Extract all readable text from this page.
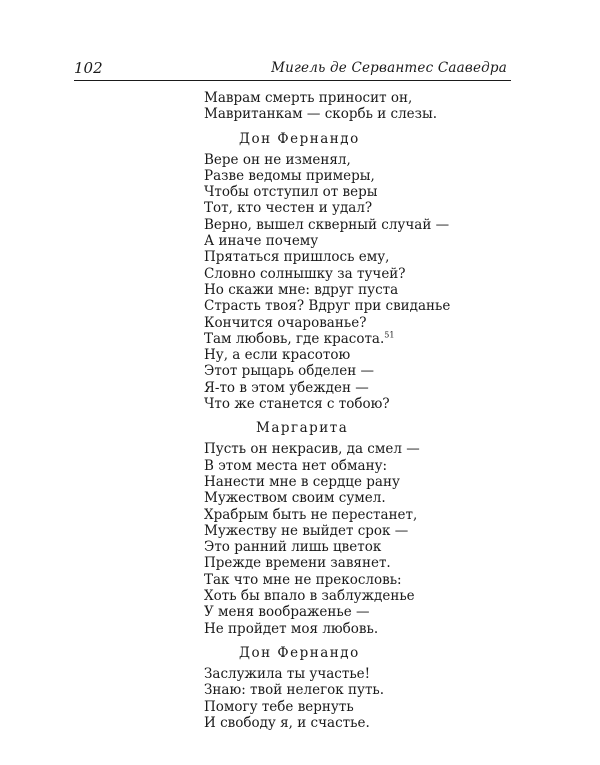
102	Мигель де Сервантес Сааведра
Маврам смерть приносит он,
Мавританкам — скорбь и слезы.
Дон Фернандо
Вере он не изменял,
Разве ведомы примеры,
Чтобы отступил от веры
Тот, кто честен и удал?
Верно, вышел скверный случай —
А иначе почему
Прятаться пришлось ему,
Словно солнышку за тучей?
Но скажи мне: вдруг пуста
Страсть твоя? Вдруг при свиданье
Кончится очарованье?
Там любовь, где красота.$^{51}$
Ну, а если красотою
Этот рыцарь обделен —
Я-то в этом убежден —
Что же станется с тобою?
Маргарита
Пусть он некрасив, да смел —
В этом места нет обману:
Нанести мне в сердце рану
Мужеством своим сумел.
Храбрым быть не перестанет,
Мужеству не выйдет срок —
Это ранний лишь цветок
Прежде времени завянет.
Так что мне не прекословь:
Хоть бы впало в заблужденье
У меня воображенье —
Не пройдет моя любовь.
Дон Фернандо
Заслужила ты участье!
Знаю: твой нелегок путь.
Помогу тебе вернуть
И свободу я, и счастье.
